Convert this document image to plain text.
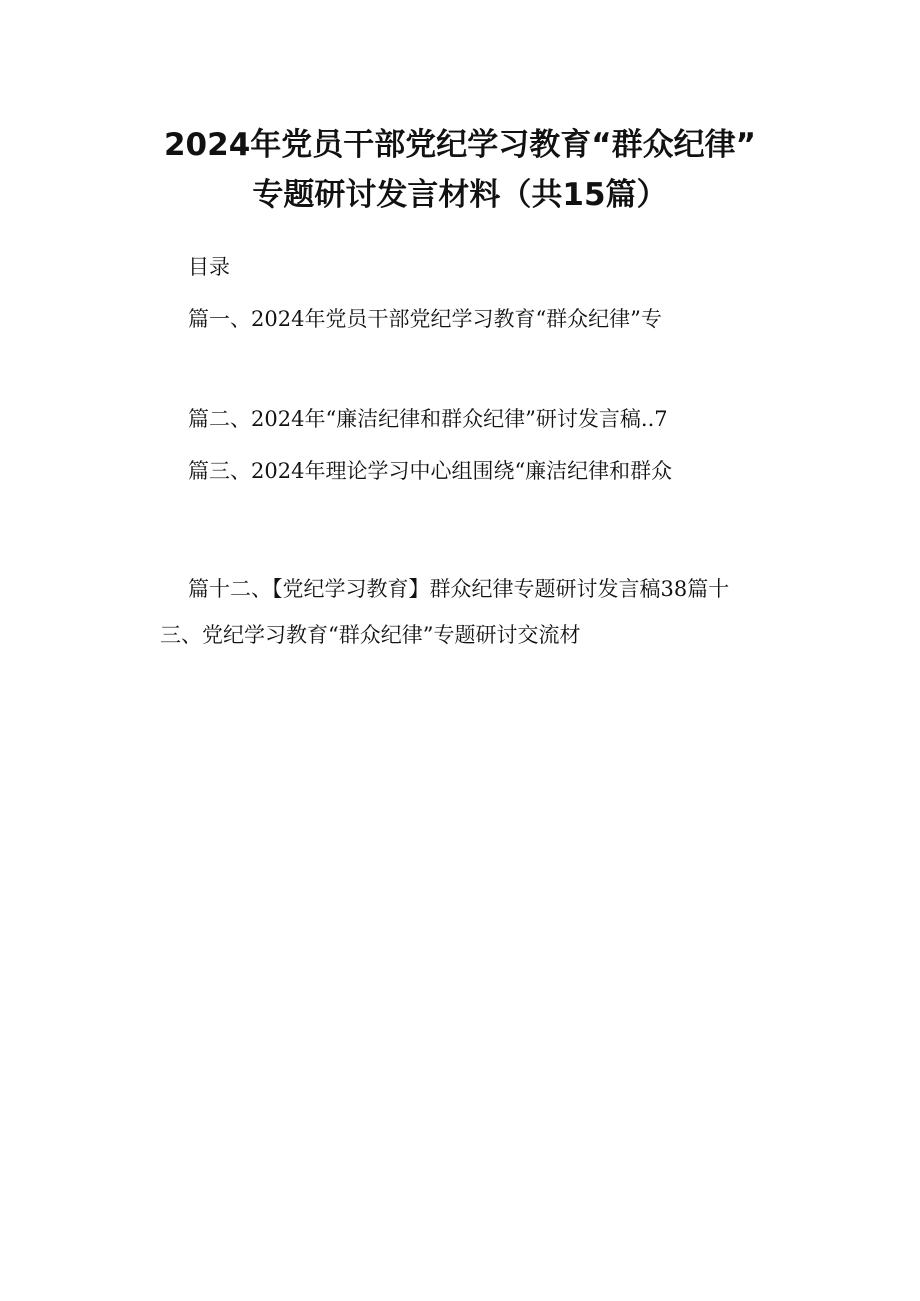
2024年党员干部党纪学习教育“群众纪律”
专题研讨发言材料（共15篇）
目录
篇一、2024年党员干部党纪学习教育“群众纪律”专
篇二、2024年“廉洁纪律和群众纪律”研讨发言稿..7
篇三、2024年理论学习中心组围绕“廉洁纪律和群众
篇十二、【党纪学习教育】群众纪律专题研讨发言稿38篇十
三、党纪学习教育“群众纪律”专题研讨交流材
